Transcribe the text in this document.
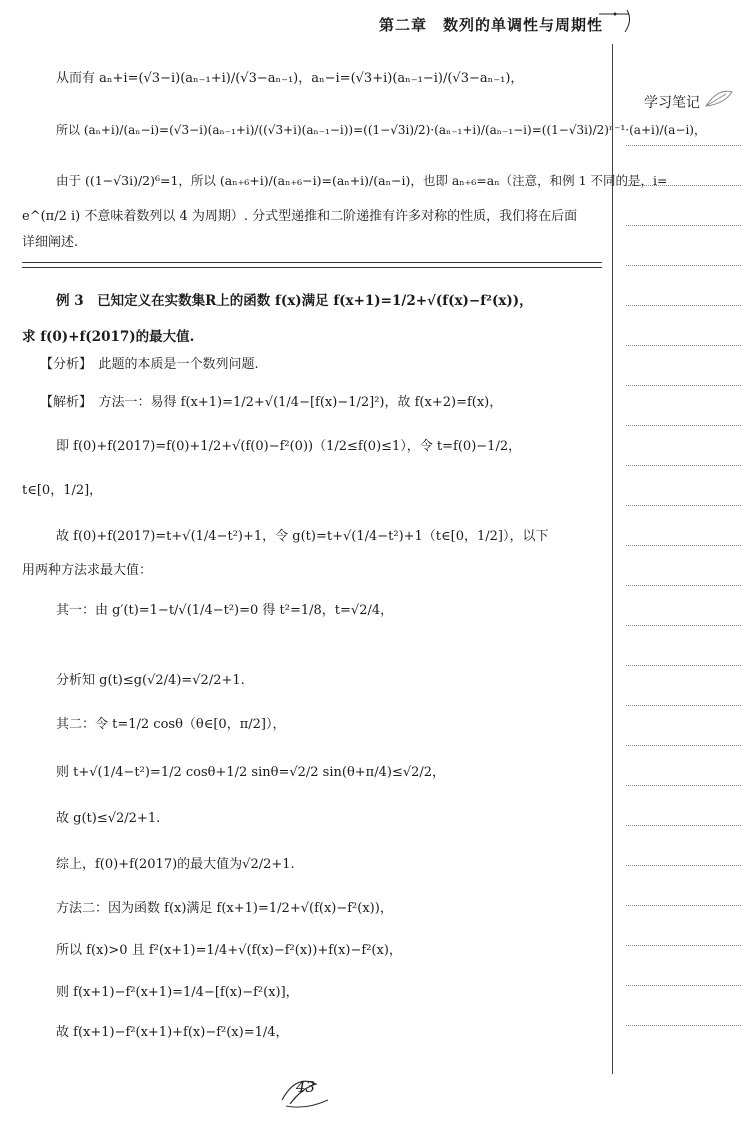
第二章　数列的单调性与周期性
学习笔记
从而有 aₙ+i=(√3−i)(aₙ₋₁+i)/(√3−aₙ₋₁)，aₙ−i=(√3+i)(aₙ₋₁−i)/(√3−aₙ₋₁)，
所以 (aₙ+i)/(aₙ−i)=(√3−i)(aₙ₋₁+i)/((√3+i)(aₙ₋₁−i))=((1−√3i)/2)·(aₙ₋₁+i)/(aₙ₋₁−i)=((1−√3i)/2)ⁿ⁻¹·(a+i)/(a−i)，
由于 ((1−√3i)/2)⁶=1，所以 (aₙ₊₆+i)/(aₙ₊₆−i)=(aₙ+i)/(aₙ−i)，也即 aₙ₊₆=aₙ（注意，和例 1 不同的是，i=
e^(π/2 i) 不意味着数列以 4 为周期）. 分式型递推和二阶递推有许多对称的性质，我们将在后面
详细阐述.
例 3　已知定义在实数集R上的函数 f(x)满足 f(x+1)=1/2+√(f(x)−f²(x))，
求 f(0)+f(2017)的最大值.
【分析】　此题的本质是一个数列问题.
【解析】　方法一：易得 f(x+1)=1/2+√(1/4−[f(x)−1/2]²)，故 f(x+2)=f(x)，
即 f(0)+f(2017)=f(0)+1/2+√(f(0)−f²(0))（1/2≤f(0)≤1），令 t=f(0)−1/2，
t∈[0，1/2]，
故 f(0)+f(2017)=t+√(1/4−t²)+1，令 g(t)=t+√(1/4−t²)+1（t∈[0，1/2]），以下
用两种方法求最大值：
其一：由 g′(t)=1−t/√(1/4−t²)=0 得 t²=1/8，t=√2/4，
分析知 g(t)≤g(√2/4)=√2/2+1.
其二：令 t=1/2 cosθ（θ∈[0，π/2]），
则 t+√(1/4−t²)=1/2 cosθ+1/2 sinθ=√2/2 sin(θ+π/4)≤√2/2，
故 g(t)≤√2/2+1.
综上，f(0)+f(2017)的最大值为√2/2+1.
方法二：因为函数 f(x)满足 f(x+1)=1/2+√(f(x)−f²(x))，
所以 f(x)>0 且 f²(x+1)=1/4+√(f(x)−f²(x))+f(x)−f²(x)，
则 f(x+1)−f²(x+1)=1/4−[f(x)−f²(x)]，
故 f(x+1)−f²(x+1)+f(x)−f²(x)=1/4，
43
